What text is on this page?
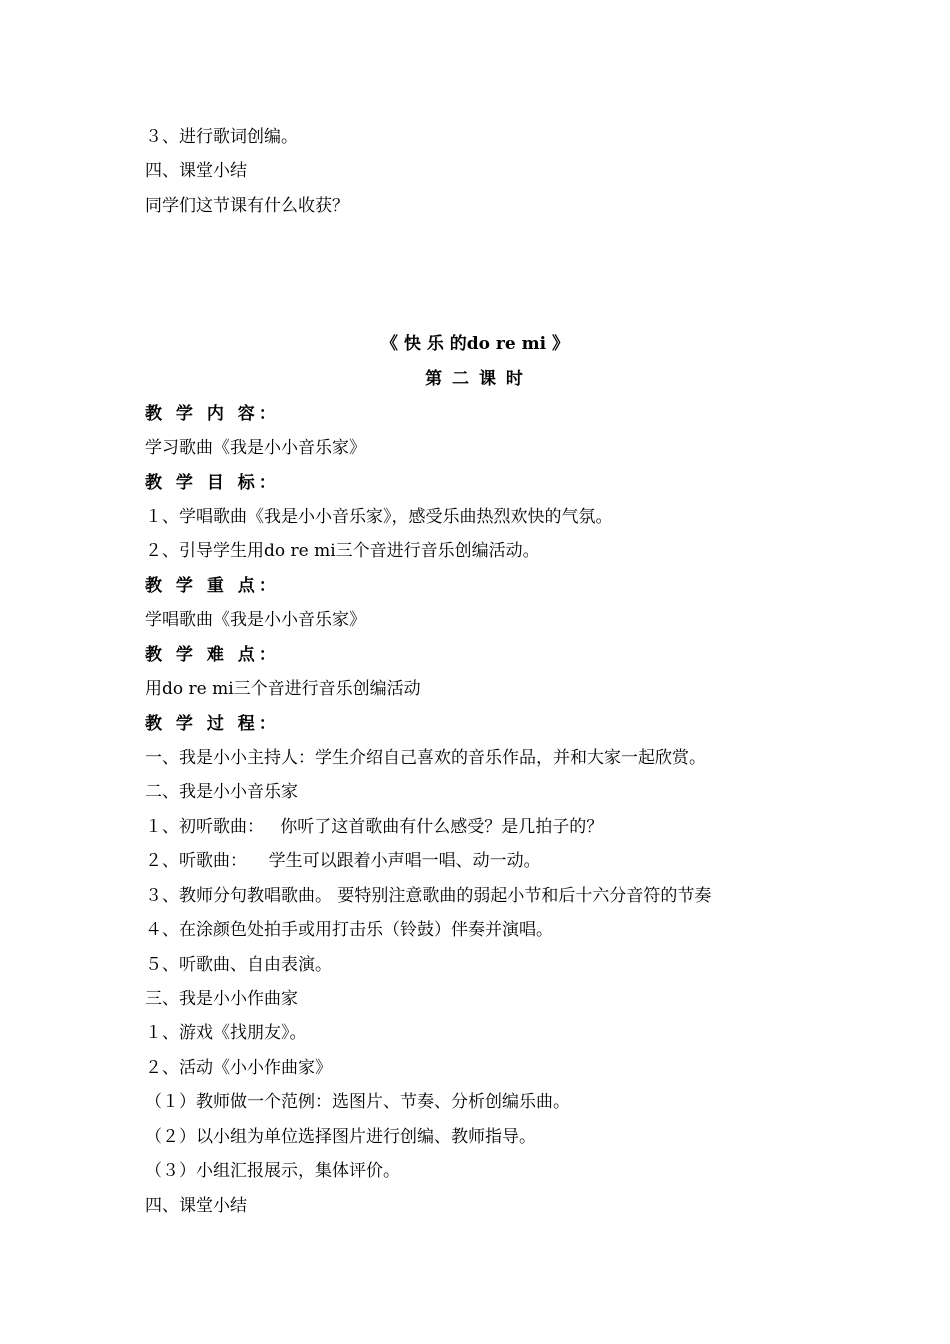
３、进行歌词创编。
四、课堂小结
同学们这节课有什么收获？
《 快 乐 的do re mi 》
第 二 课 时
教 学 内 容：
学习歌曲《我是小小音乐家》
教 学 目 标：
１、学唱歌曲《我是小小音乐家》，感受乐曲热烈欢快的气氛。
２、引导学生用do re mi三个音进行音乐创编活动。
教 学 重 点：
学唱歌曲《我是小小音乐家》
教 学 难 点：
用do re mi三个音进行音乐创编活动
教 学 过 程：
一、我是小小主持人：学生介绍自己喜欢的音乐作品，并和大家一起欣赏。
二、我是小小音乐家
１、初听歌曲：   你听了这首歌曲有什么感受？是几拍子的？
２、听歌曲：    学生可以跟着小声唱一唱、动一动。
３、教师分句教唱歌曲。 要特别注意歌曲的弱起小节和后十六分音符的节奏
４、在涂颜色处拍手或用打击乐（铃鼓）伴奏并演唱。
５、听歌曲、自由表演。
三、我是小小作曲家
１、游戏《找朋友》。
２、活动《小小作曲家》
（１）教师做一个范例：选图片、节奏、分析创编乐曲。
（２）以小组为单位选择图片进行创编、教师指导。
（３）小组汇报展示，集体评价。
四、课堂小结
